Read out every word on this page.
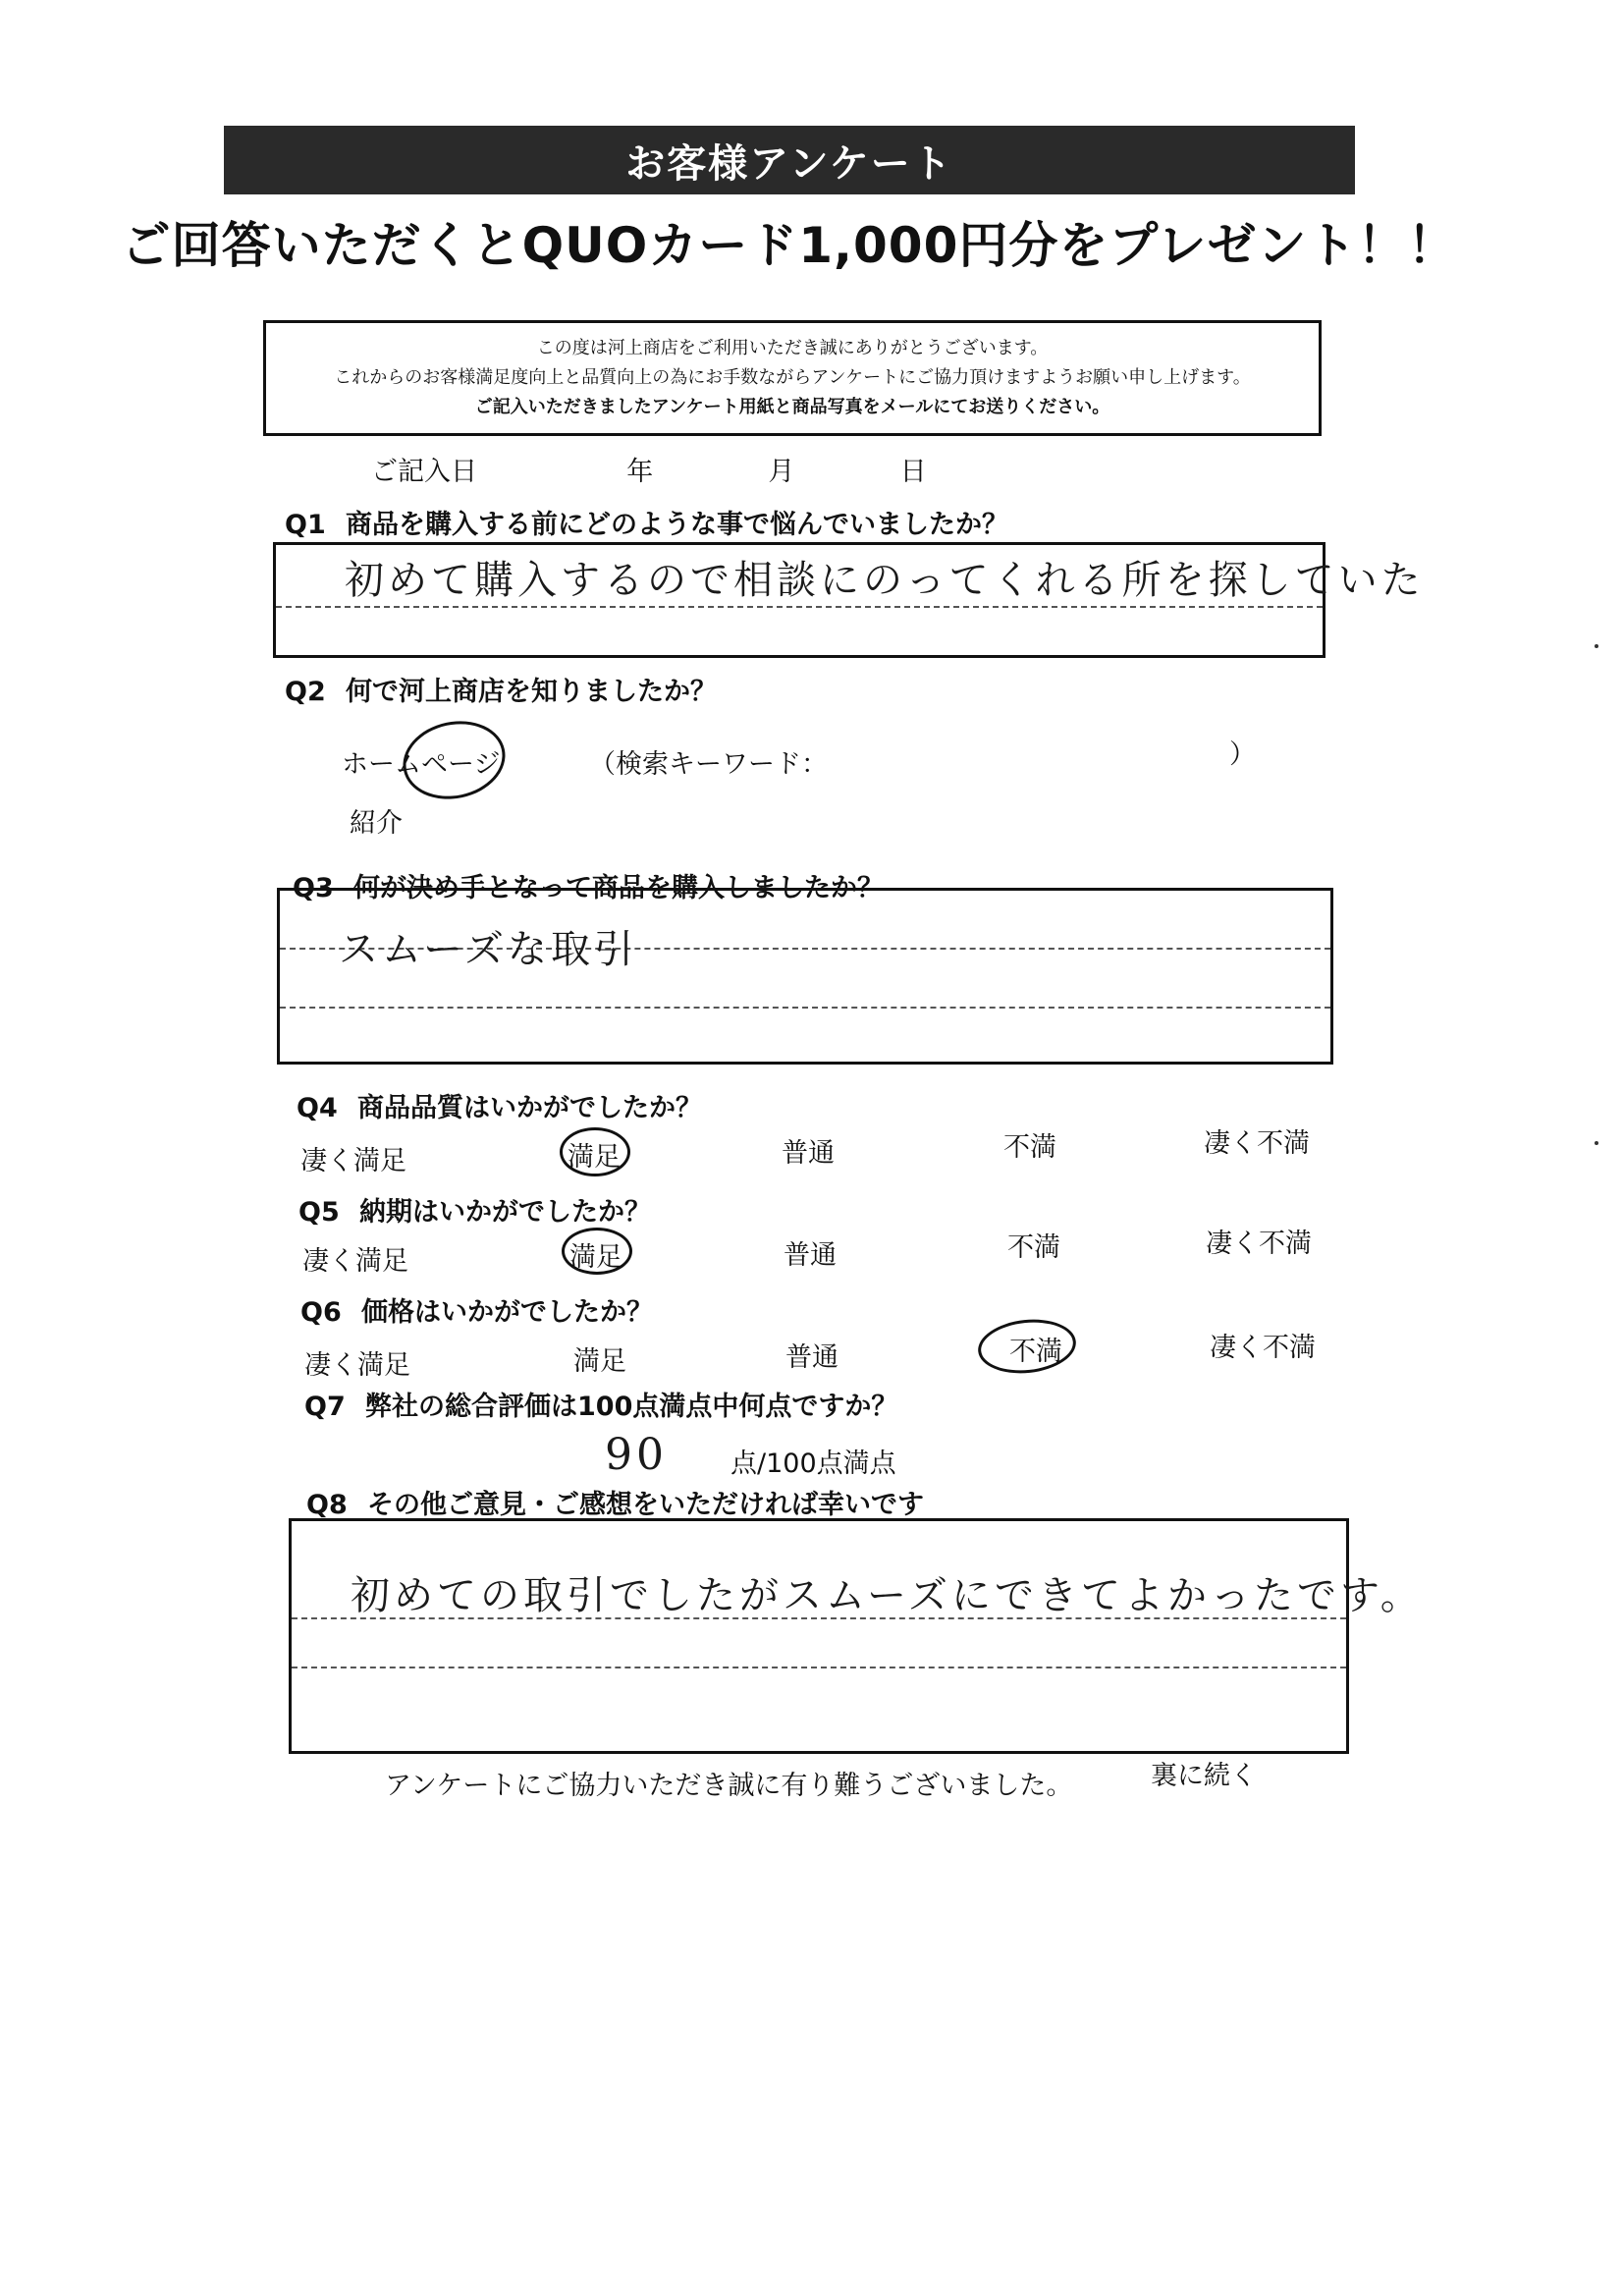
お客様アンケート
ご回答いただくとQUOカード1,000円分をプレゼント！！
この度は河上商店をご利用いただき誠にありがとうございます。
これからのお客様満足度向上と品質向上の為にお手数ながらアンケートにご協力頂けますようお願い申し上げます。
ご記入いただきましたアンケート用紙と商品写真をメールにてお送りください。
ご記入日	年	月	日
Q1 商品を購入する前にどのような事で悩んでいましたか？
初めて購入するので相談にのってくれる所を探していた
Q2 何で河上商店を知りましたか？
ホームページ	（検索キーワード：	）
紹介
Q3 何が決め手となって商品を購入しましたか？
スムーズな取引
Q4 商品品質はいかがでしたか？
凄く満足	満足	普通	不満	凄く不満
Q5 納期はいかがでしたか？
凄く満足	満足	普通	不満	凄く不満
Q6 価格はいかがでしたか？
凄く満足	満足	普通	不満	凄く不満
Q7 弊社の総合評価は100点満点中何点ですか？
90 点/100点満点
Q8 その他ご意見・ご感想をいただければ幸いです
初めての取引でしたがスムーズにできてよかったです。
アンケートにご協力いただき誠に有り難うございました。	裏に続く
